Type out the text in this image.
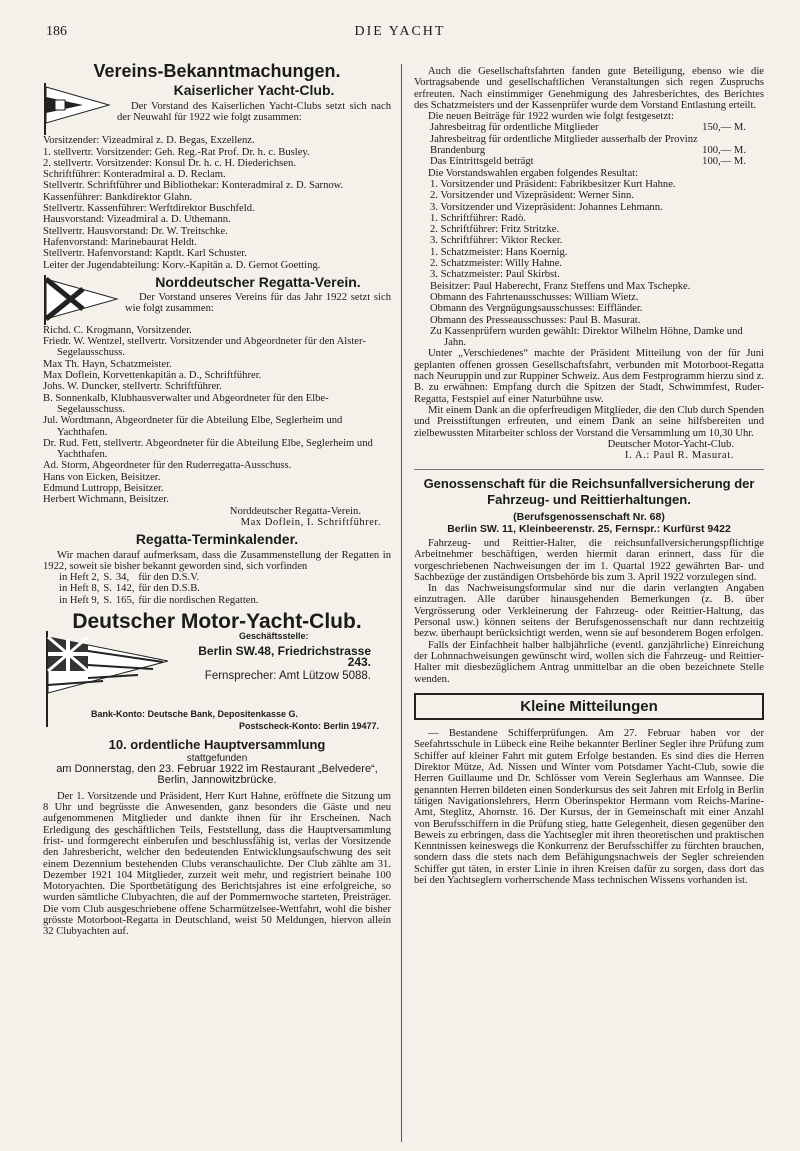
186	DIE YACHT
Vereins-Bekanntmachungen.
Kaiserlicher Yacht-Club.

Der Vorstand des Kaiserlichen Yacht-Clubs setzt sich nach der Neuwahl für 1922 wie folgt zusammen:

Vorsitzender: Vizeadmiral z. D. Begas, Exzellenz.
1. stellvertr. Vorsitzender: Geh. Reg.-Rat Prof. Dr. h. c. Busley.
2. stellvertr. Vorsitzender: Konsul Dr. h. c. H. Diederichsen.
Schriftführer: Konteradmiral a. D. Reclam.
Stellvertr. Schriftführer und Bibliothekar: Konteradmiral z. D. Sarnow.
Kassenführer: Bankdirektor Glahn.
Stellvertr. Kassenführer: Werftdirektor Buschfeld.
Hausvorstand: Vizeadmiral a. D. Uthemann.
Stellvertr. Hausvorstand: Dr. W. Treitschke.
Hafenvorstand: Marinebaurat Heldt.
Stellvertr. Hafenvorstand: Kaptlt. Karl Schuster.
Leiter der Jugendabteilung: Korv.-Kapitän a. D. Gernot Goetting.
Norddeutscher Regatta-Verein.

Der Vorstand unseres Vereins für das Jahr 1922 setzt sich wie folgt zusammen:

Richd. C. Krogmann, Vorsitzender.
Friedr. W. Wentzel, stellvertr. Vorsitzender und Abgeordneter für den Alster-Segelausschuss.
Max Th. Hayn, Schatzmeister.
Max Doflein, Korvettenkapitän a. D., Schriftführer.
Johs. W. Duncker, stellvertr. Schriftführer.
B. Sonnenkalb, Klubhausverwalter und Abgeordneter für den Elbe-Segelausschuss.
Jul. Wordtmann, Abgeordneter für die Abteilung Elbe, Seglerheim und Yachthafen.
Dr. Rud. Fett, stellvertr. Abgeordneter für die Abteilung Elbe, Seglerheim und Yachthafen.
Ad. Storm, Abgeordneter für den Ruderregatta-Ausschuss.
Hans von Eicken, Beisitzer.
Edmund Luttropp, Beisitzer.
Herbert Wichmann, Beisitzer.
Norddeutscher Regatta-Verein.
Max Doflein, I. Schriftführer.
Regatta-Terminkalender.

Wir machen darauf aufmerksam, dass die Zusammenstellung der Regatten in 1922, soweit sie bisher bekannt geworden sind, sich vorfinden

in Heft 2,	S.	34,	für den D.S.V.
in Heft 8,	S.	142,	für den D.S.B.
in Heft 9,	S.	165,	für die nordischen Regatten.
Deutscher Motor-Yacht-Club.
Geschäftsstelle:
Berlin SW.48, Friedrichstrasse 243.
Fernsprecher: Amt Lützow 5088.
Bank-Konto: Deutsche Bank, Depositenkasse G.
Postscheck-Konto: Berlin 19477.
10. ordentliche Hauptversammlung
stattgefunden

am Donnerstag, den 23. Februar 1922 im Restaurant „Belvedere“, Berlin, Jannowitzbrücke.

Der 1. Vorsitzende und Präsident, Herr Kurt Hahne, eröffnete die Sitzung um 8 Uhr und begrüsste die Anwesenden, ganz besonders die Gäste und neu aufgenommenen Mitglieder und dankte ihnen für ihr Erscheinen. Nach Erledigung des geschäftlichen Teils, Feststellung, dass die Hauptversammlung frist- und formgerecht einberufen und beschlussfähig ist, verlas der Vorsitzende den Jahresbericht, welcher den bedeutenden Entwicklungsaufschwung des seit einem Dezennium bestehenden Clubs veranschaulichte. Der Club zählte am 31. Dezember 1921 104 Mitglieder, zurzeit weit mehr, und registriert beinahe 100 Motoryachten. Die Sportbetätigung des Berichtsjahres ist eine erfolgreiche, so wurden sämtliche Clubyachten, die auf der Pommernwoche starteten, Preisträger. Die vom Club ausgeschriebene offene Scharmützelsee-Wettfahrt, wohl die bisher grösste Motorboot-Regatta in Deutschland, weist 50 Meldungen, hiervon allein 32 Clubyachten auf.

Auch die Gesellschaftsfahrten fanden gute Beteiligung, ebenso wie die Vortragsabende und gesellschaftlichen Veranstaltungen sich regen Zuspruchs erfreuten. Nach einstimmiger Genehmigung des Jahresberichtes, des Berichtes des Schatzmeisters und der Kassenprüfer wurde dem Vorstand Entlastung erteilt.

Die neuen Beiträge für 1922 wurden wie folgt festgesetzt:

Jahresbeitrag für ordentliche Mitglieder	150,— M.
Jahresbeitrag für ordentliche Mitglieder ausserhalb der Provinz Brandenburg	100,— M.
Das Eintrittsgeld beträgt	100,— M.

Die Vorstandswahlen ergaben folgendes Resultat:

1. Vorsitzender und Präsident: Fabrikbesitzer Kurt Hahne.
2. Vorsitzender und Vizepräsident: Werner Sinn.
3. Vorsitzender und Vizepräsident: Johannes Lehmann.
1. Schriftführer: Radò.
2. Schriftführer: Fritz Stritzke.
3. Schriftführer: Viktor Recker.
1. Schatzmeister: Hans Koernig.
2. Schatzmeister: Willy Hahne.
3. Schatzmeister: Paul Skirbst.
Beisitzer: Paul Haberecht, Franz Steffens und Max Tschepke.
Obmann des Fahrtenausschusses: William Wietz.
Obmann des Vergnügungsausschusses: Eiffländer.
Obmann des Presseausschusses: Paul B. Masurat.
Zu Kassenprüfern wurden gewählt: Direktor Wilhelm Höhne, Damke und Jahn.

Unter „Verschiedenes“ machte der Präsident Mitteilung von der für Juni geplanten offenen grossen Gesellschaftsfahrt, verbunden mit Motorboot-Regatta nach Neuruppin und zur Ruppiner Schweiz. Aus dem Festprogramm hierzu sind z. B. zu erwähnen: Empfang durch die Spitzen der Stadt, Schwimmfest, Ruder-Regatta, Festspiel auf einer Naturbühne usw.

Mit einem Dank an die opferfreudigen Mitglieder, die den Club durch Spenden und Preisstiftungen erfreuten, und einem Dank an seine hilfsbereiten und zielbewussten Mitarbeiter schloss der Vorstand die Versammlung um 10,30 Uhr.

Deutscher Motor-Yacht-Club.
I. A.: Paul R. Masurat.
Genossenschaft für die Reichsunfallversicherung der Fahrzeug- und Reittierhaltungen.
(Berufsgenossenschaft Nr. 68)
Berlin SW. 11, Kleinbeerenstr. 25, Fernspr.: Kurfürst 9422

Fahrzeug- und Reittier-Halter, die reichsunfallversicherungspflichtige Arbeitnehmer beschäftigen, werden hiermit daran erinnert, dass für die vorgeschriebenen Nachweisungen der im 1. Quartal 1922 gewährten Bar- und Sachbezüge der zuständigen Ortsbehörde bis zum 3. April 1922 vorzulegen sind.

In das Nachweisungsformular sind nur die darin verlangten Angaben einzutragen. Alle darüber hinausgehenden Bemerkungen (z. B. über Vergrösserung oder Verkleinerung der Fahrzeug- oder Reittier-Haltung, das Personal usw.) können seitens der Berufsgenossenschaft nur dann rechtzeitig bezw. überhaupt berücksichtigt werden, wenn sie auf besonderem Bogen erfolgen.

Falls der Einfachheit halber halbjährliche (eventl. ganzjährliche) Einreichung der Lohnnachweisungen gewünscht wird, wollen sich die Fahrzeug- und Reittier-Halter mit diesbezüglichem Antrag unmittelbar an die oben bezeichnete Stelle wenden.

Kleine Mitteilungen

— Bestandene Schifferprüfungen. Am 27. Februar haben vor der Seefahrtsschule in Lübeck eine Reihe bekannter Berliner Segler ihre Prüfung zum Schiffer auf kleiner Fahrt mit gutem Erfolge bestanden. Es sind dies die Herren Direktor Mütze, Ad. Nissen und Winter vom Potsdamer Yacht-Club, sowie die Herren Guillaume und Dr. Schlösser vom Verein Seglerhaus am Wannsee. Die genannten Herren bildeten einen Sonderkursus des seit Jahren mit Erfolg in Berlin tätigen Navigationslehrers, Herrn Oberinspektor Hermann vom Reichs-Marine-Amt, Steglitz, Ahornstr. 16. Der Kursus, der in Gemeinschaft mit einer Anzahl von Berufsschiffern in die Prüfung stieg, hatte Gelegenheit, diesen gegenüber den Beweis zu erbringen, dass die Yachtsegler mit ihren theoretischen und praktischen Kenntnissen keineswegs die Konkurrenz der Berufsschiffer zu fürchten brauchen, sondern dass die stets nach dem Befähigungsnachweis der Segler schreienden Schiffer gut täten, in erster Linie in ihren Kreisen dafür zu sorgen, dass dort das bei den Yachtseglern vorherrschende Mass technischen Wissens vorhanden ist.
